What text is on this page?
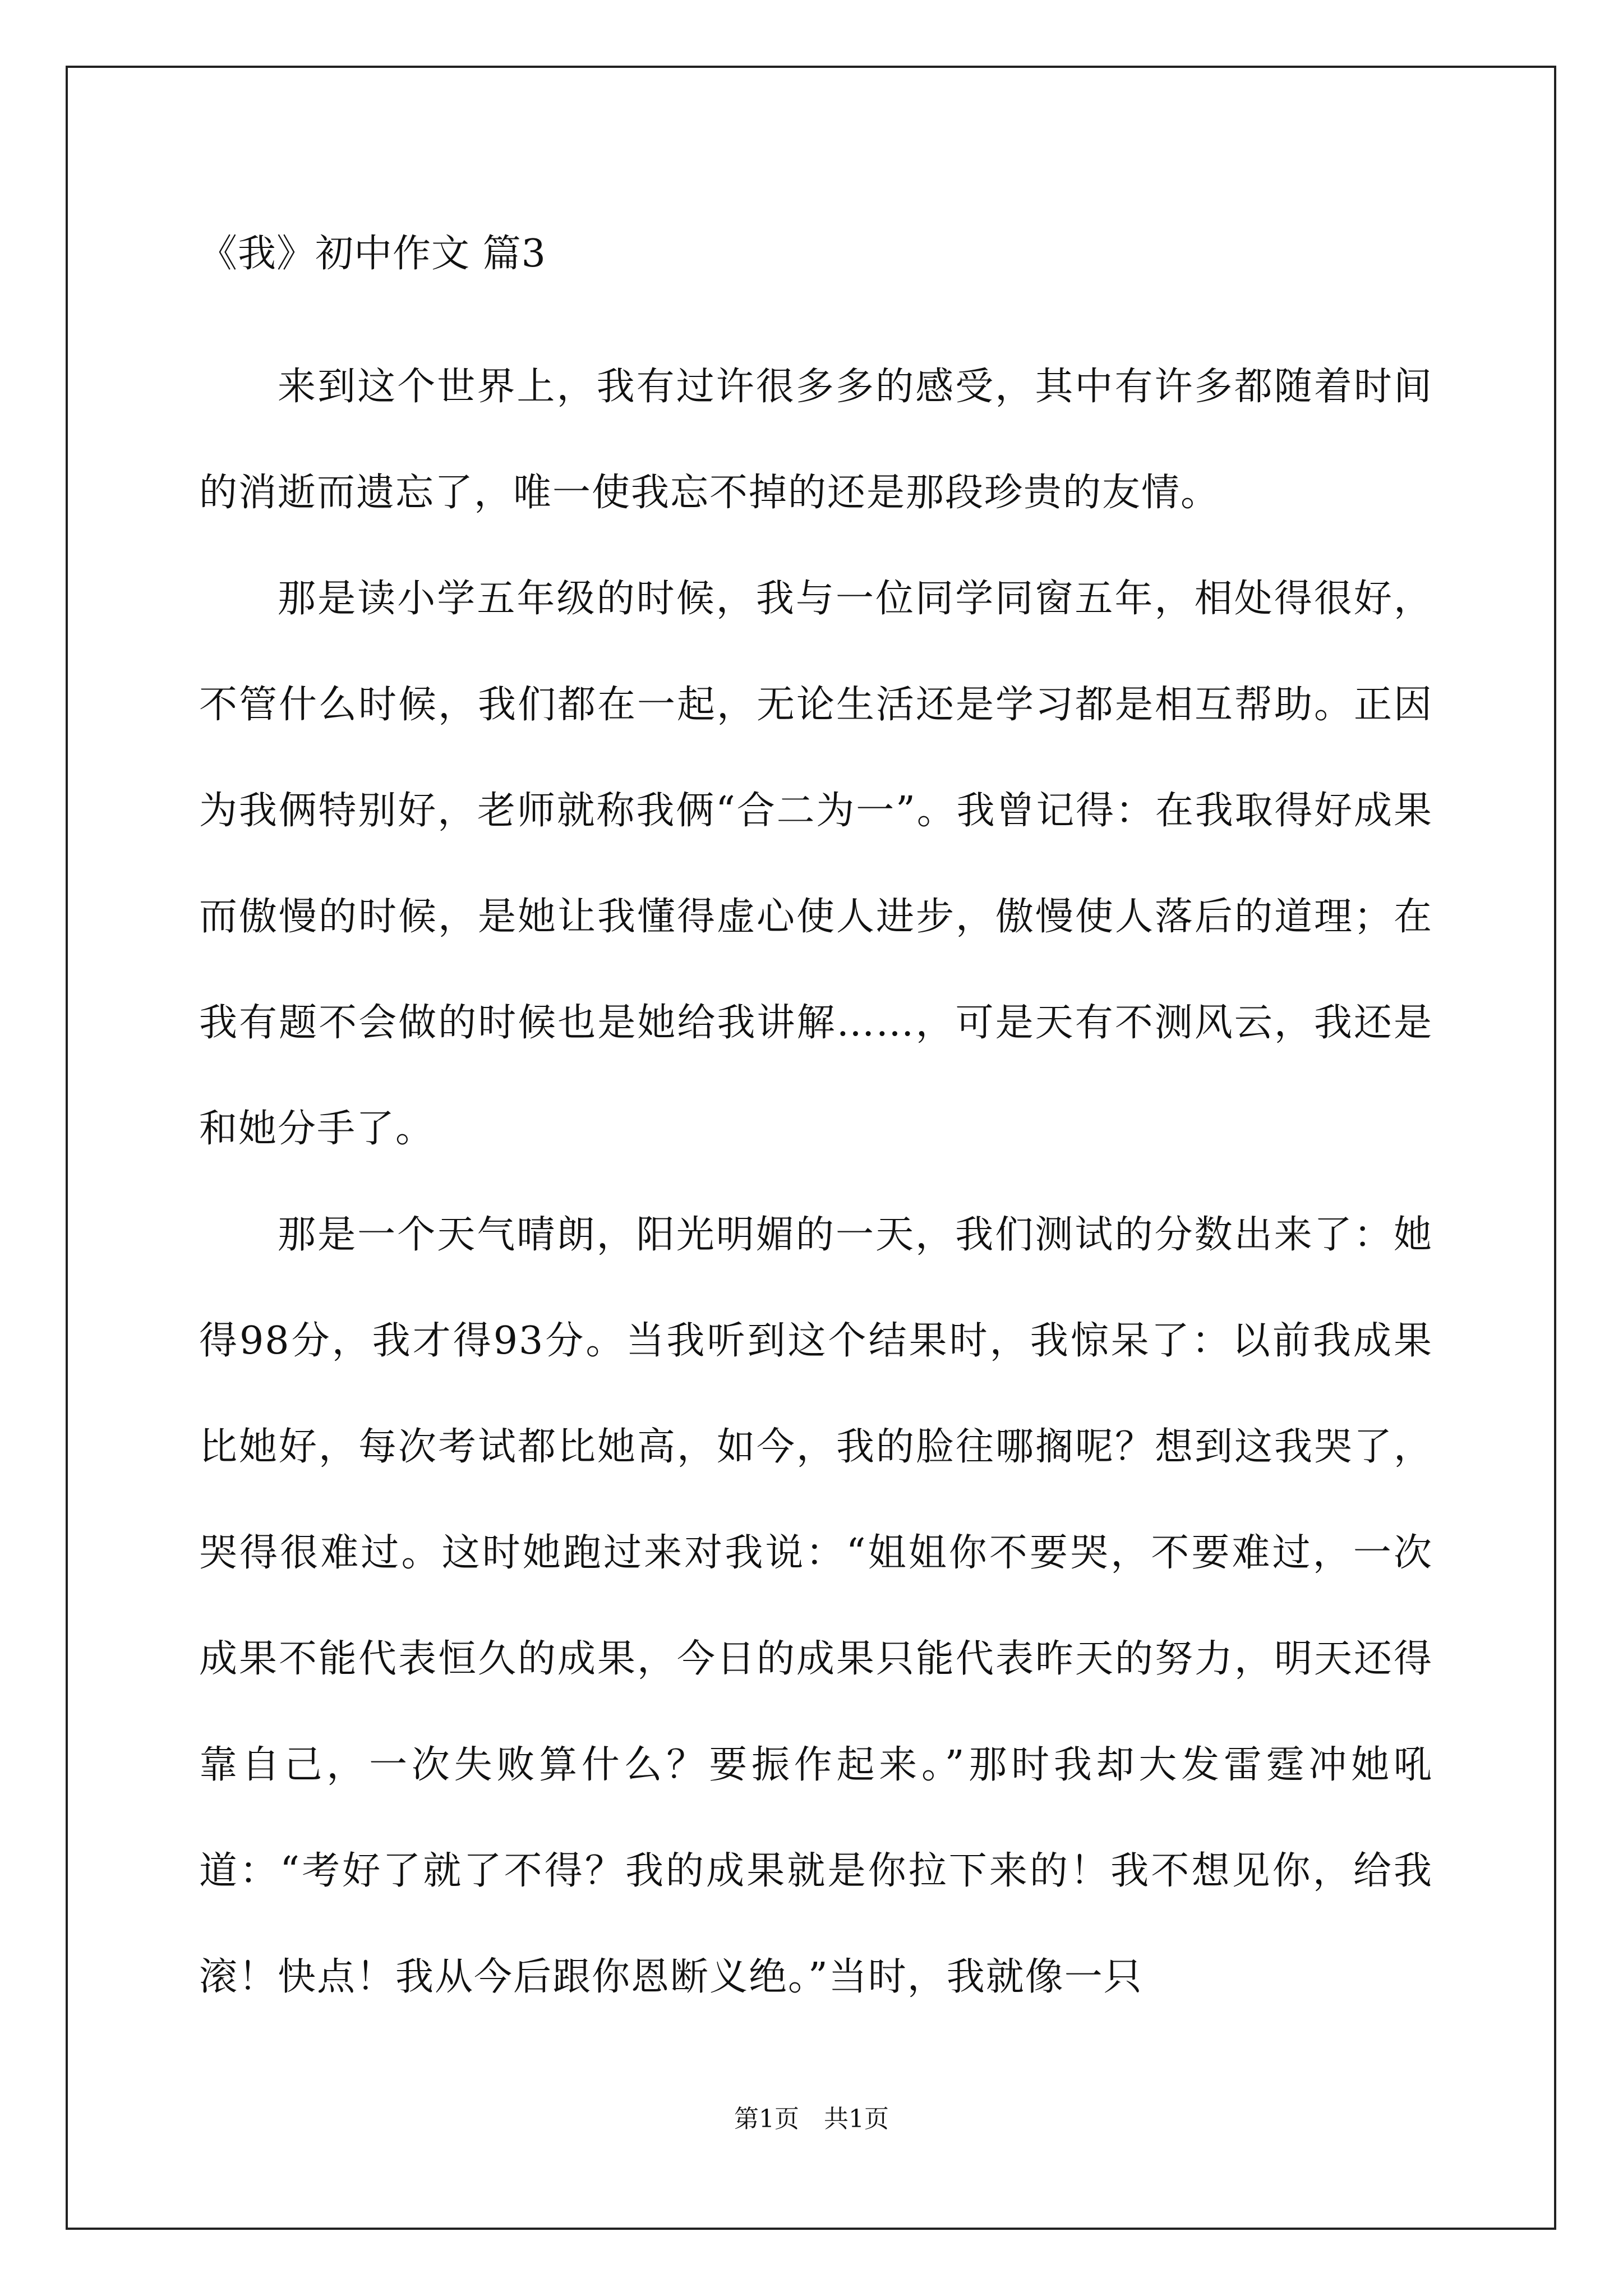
《我》初中作文 篇3

来到这个世界上，我有过许很多多的感受，其中有许多都随着时间的消逝而遗忘了，唯一使我忘不掉的还是那段珍贵的友情。

那是读小学五年级的时候，我与一位同学同窗五年，相处得很好，不管什么时候，我们都在一起，无论生活还是学习都是相互帮助。正因为我俩特别好，老师就称我俩“合二为一”。我曾记得：在我取得好成果而傲慢的时候，是她让我懂得虚心使人进步，傲慢使人落后的道理；在我有题不会做的时候也是她给我讲解……，可是天有不测风云，我还是和她分手了。

那是一个天气晴朗，阳光明媚的一天，我们测试的分数出来了：她得98分，我才得93分。当我听到这个结果时，我惊呆了：以前我成果比她好，每次考试都比她高，如今，我的脸往哪搁呢？想到这我哭了，哭得很难过。这时她跑过来对我说：“姐姐你不要哭，不要难过，一次成果不能代表恒久的成果，今日的成果只能代表昨天的努力，明天还得靠自己，一次失败算什么？要振作起来。”那时我却大发雷霆冲她吼道：“考好了就了不得？我的成果就是你拉下来的！我不想见你，给我滚！快点！我从今后跟你恩断义绝。”当时，我就像一只

第1页　共1页
